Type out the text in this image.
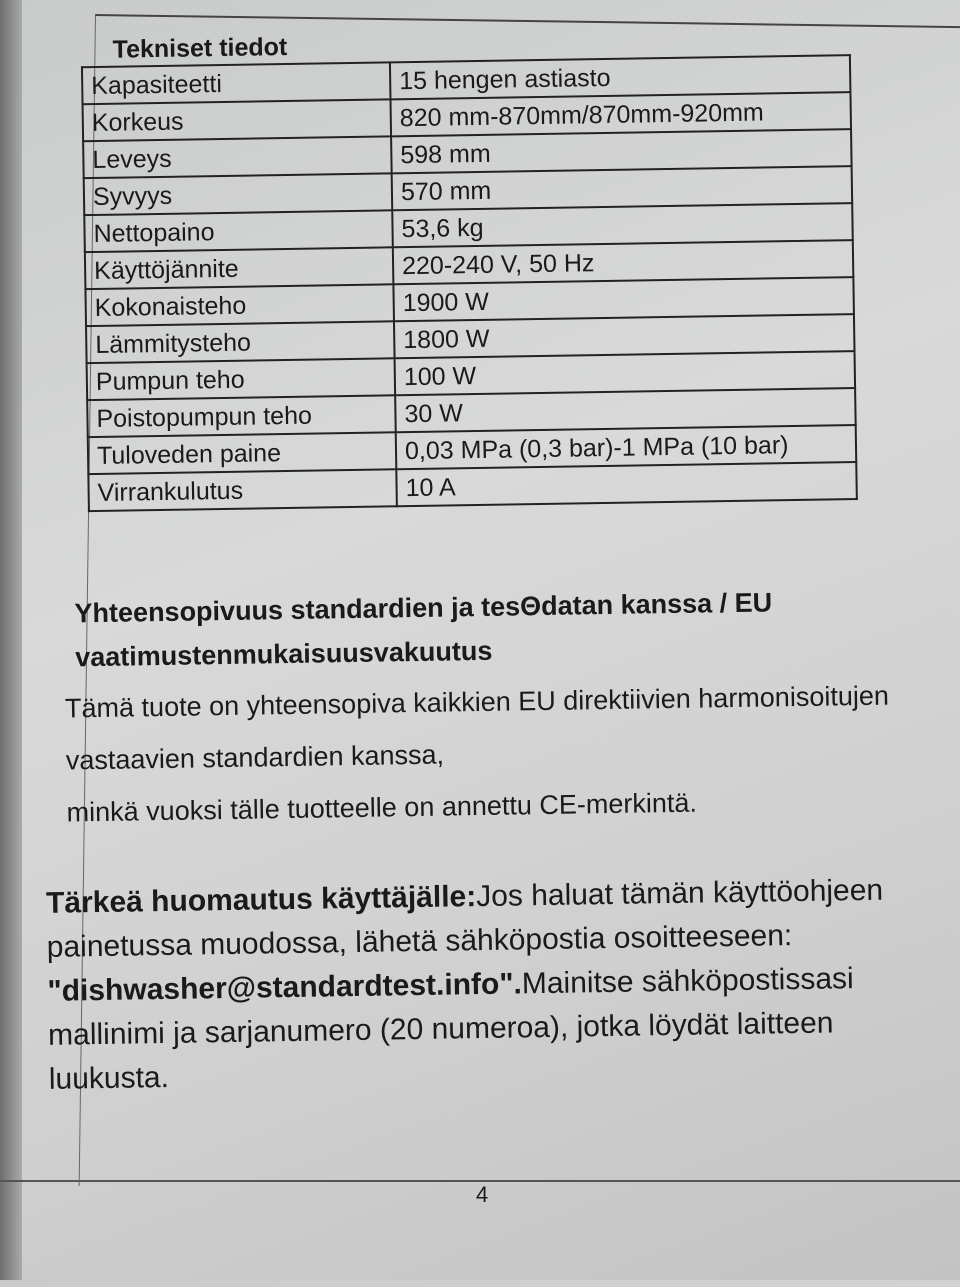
Tekniset tiedot
Kapasiteetti	15 hengen astiasto
Korkeus	820 mm-870mm/870mm-920mm
Leveys	598 mm
Syvyys	570 mm
Nettopaino	53,6 kg
Käyttöjännite	220-240 V, 50 Hz
Kokonaisteho	1900 W
Lämmitysteho	1800 W
Pumpun teho	100 W
Poistopumpun teho	30 W
Tuloveden paine	0,03 MPa (0,3 bar)-1 MPa (10 bar)
Virrankulutus	10 A
Yhteensopivuus standardien ja tesΘdatan kanssa / EU
vaatimustenmukaisuusvakuutus
Tämä tuote on yhteensopiva kaikkien EU direktiivien harmonisoitujen
vastaavien standardien kanssa,
minkä vuoksi tälle tuotteelle on annettu CE-merkintä.
Tärkeä huomautus käyttäjälle:Jos haluat tämän käyttöohjeen painetussa muodossa, lähetä sähköpostia osoitteeseen:
"dishwasher@standardtest.info".Mainitse sähköpostissasi mallinimi ja sarjanumero (20 numeroa), jotka löydät laitteen luukusta.
4
